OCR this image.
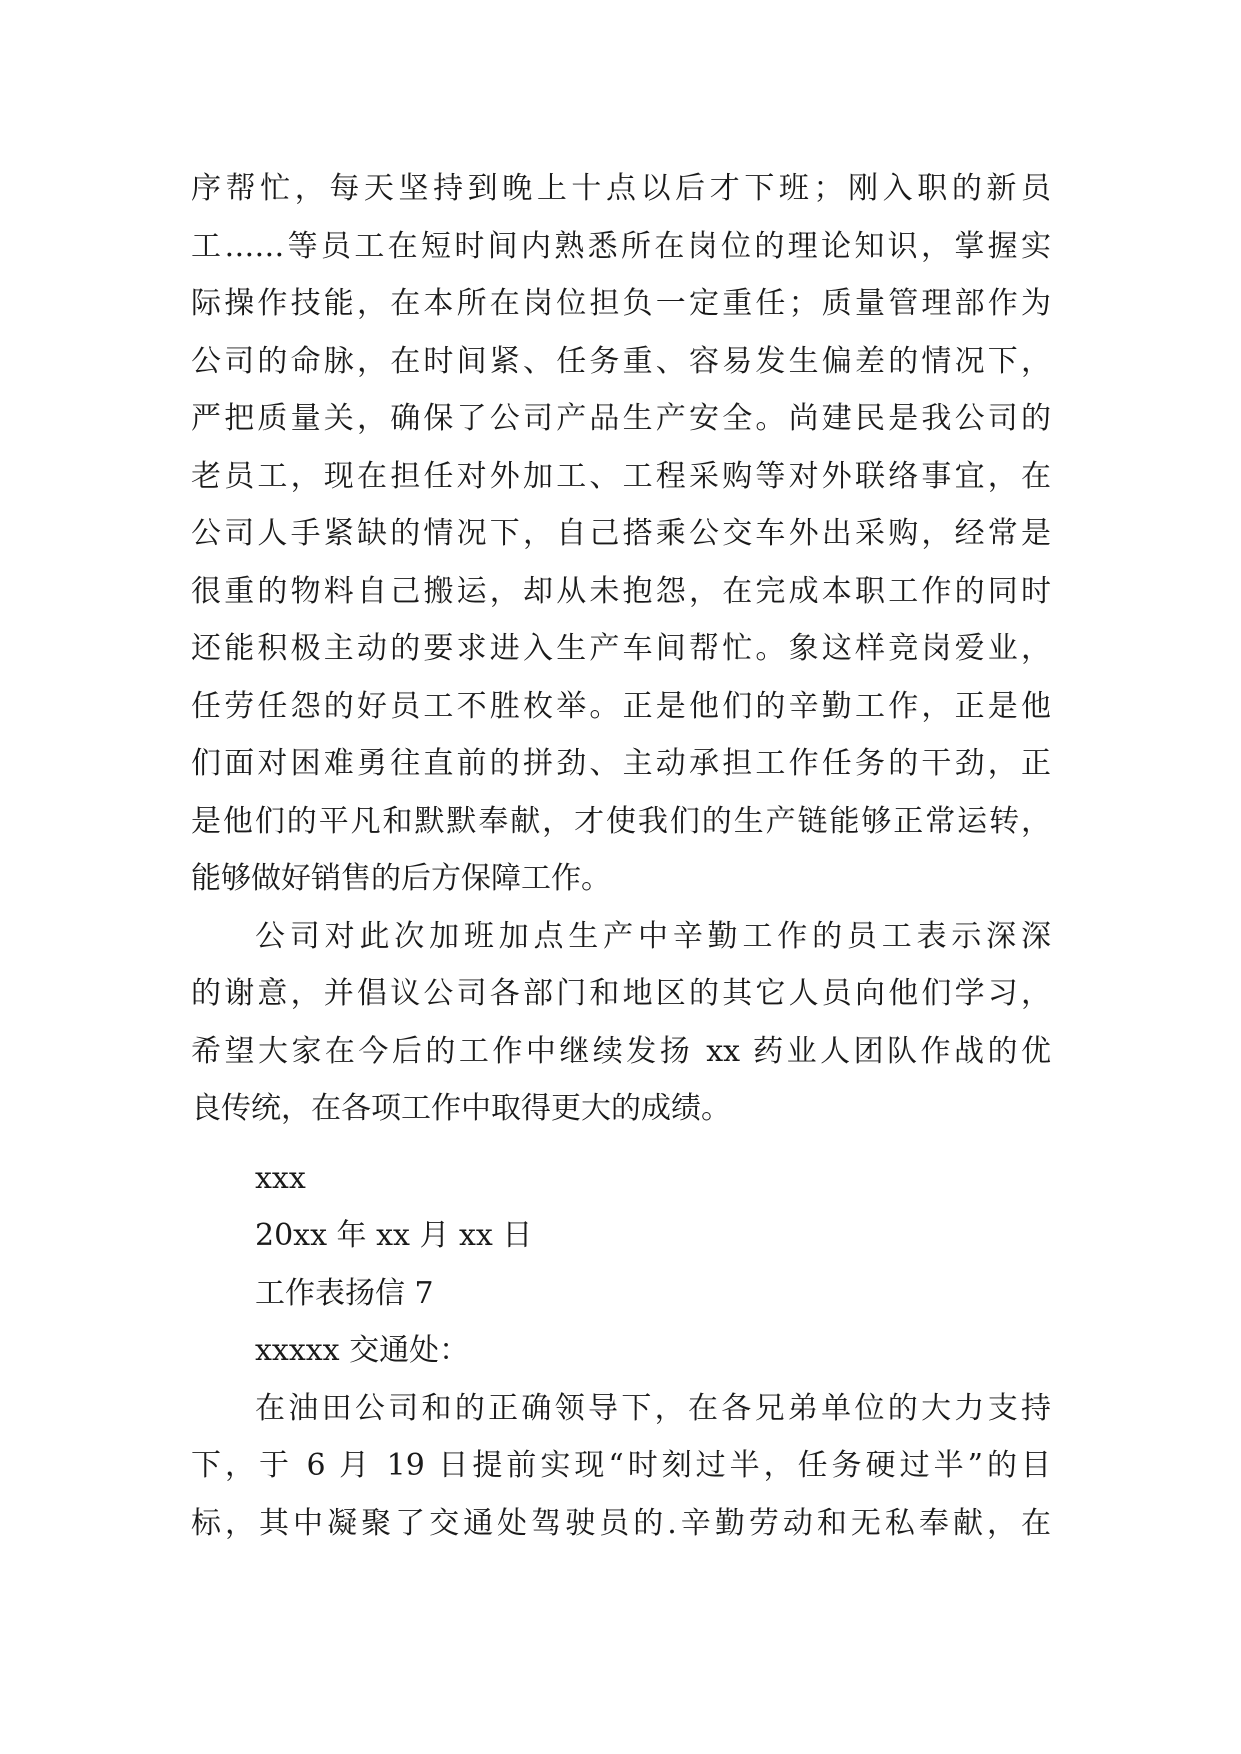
序帮忙，每天坚持到晚上十点以后才下班；刚入职的新员
工……等员工在短时间内熟悉所在岗位的理论知识，掌握实
际操作技能，在本所在岗位担负一定重任；质量管理部作为
公司的命脉，在时间紧、任务重、容易发生偏差的情况下，
严把质量关，确保了公司产品生产安全。尚建民是我公司的
老员工，现在担任对外加工、工程采购等对外联络事宜，在
公司人手紧缺的情况下，自己搭乘公交车外出采购，经常是
很重的物料自己搬运，却从未抱怨，在完成本职工作的同时
还能积极主动的要求进入生产车间帮忙。象这样竞岗爱业，
任劳任怨的好员工不胜枚举。正是他们的辛勤工作，正是他
们面对困难勇往直前的拼劲、主动承担工作任务的干劲，正
是他们的平凡和默默奉献，才使我们的生产链能够正常运转，
能够做好销售的后方保障工作。
公司对此次加班加点生产中辛勤工作的员工表示深深
的谢意，并倡议公司各部门和地区的其它人员向他们学习，
希望大家在今后的工作中继续发扬 xx 药业人团队作战的优
良传统，在各项工作中取得更大的成绩。
xxx
20xx 年 xx 月 xx 日
工作表扬信 7
xxxxx 交通处：
在油田公司和的正确领导下，在各兄弟单位的大力支持
下，于 6 月 19 日提前实现“时刻过半，任务硬过半”的目
标，其中凝聚了交通处驾驶员的.辛勤劳动和无私奉献，在
